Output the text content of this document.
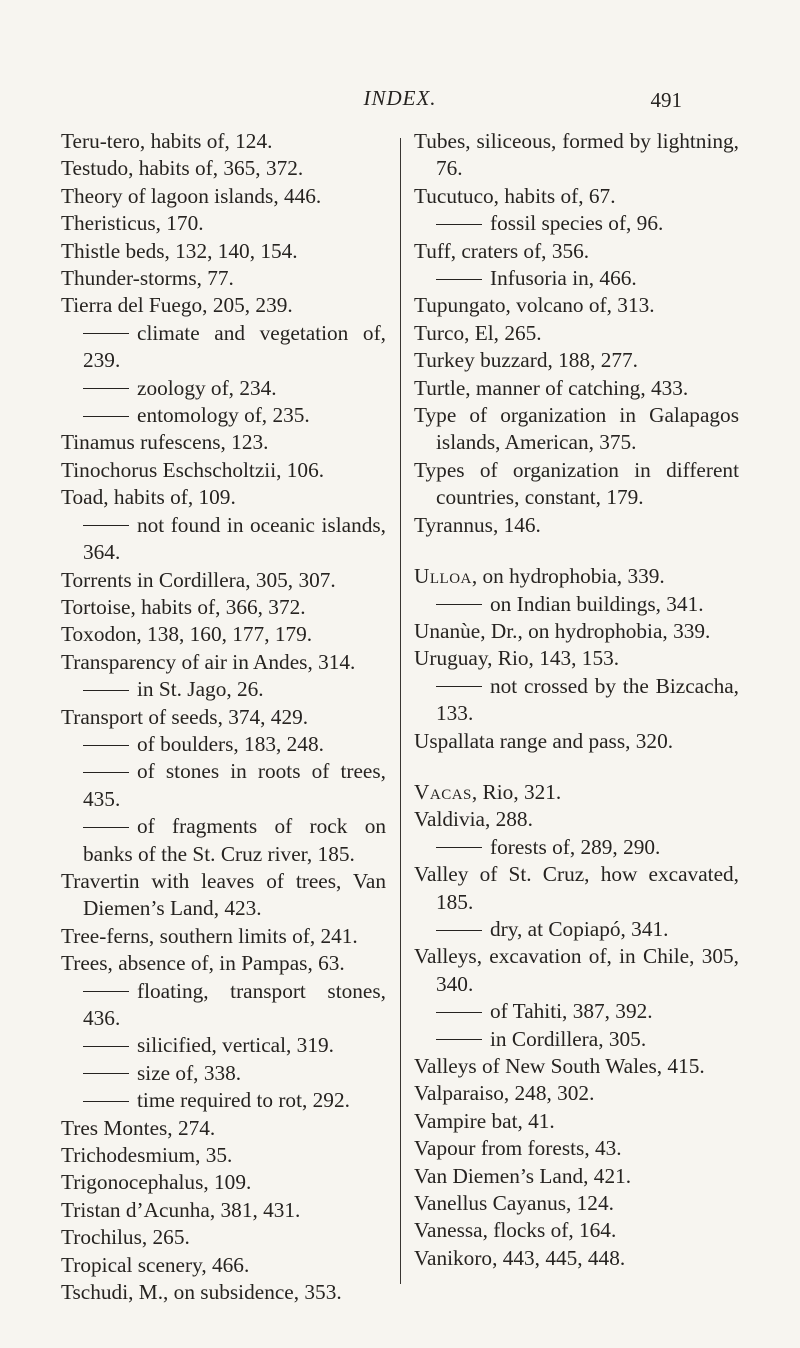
INDEX.	491
Teru-tero, habits of, 124.
Testudo, habits of, 365, 372.
Theory of lagoon islands, 446.
Theristicus, 170.
Thistle beds, 132, 140, 154.
Thunder-storms, 77.
Tierra del Fuego, 205, 239.
climate and vegetation of, 239.
zoology of, 234.
entomology of, 235.
Tinamus rufescens, 123.
Tinochorus Eschscholtzii, 106.
Toad, habits of, 109.
not found in oceanic islands, 364.
Torrents in Cordillera, 305, 307.
Tortoise, habits of, 366, 372.
Toxodon, 138, 160, 177, 179.
Transparency of air in Andes, 314.
in St. Jago, 26.
Transport of seeds, 374, 429.
of boulders, 183, 248.
of stones in roots of trees, 435.
of fragments of rock on banks of the St. Cruz river, 185.
Travertin with leaves of trees, Van Diemen’s Land, 423.
Tree-ferns, southern limits of, 241.
Trees, absence of, in Pampas, 63.
floating, transport stones, 436.
silicified, vertical, 319.
size of, 338.
time required to rot, 292.
Tres Montes, 274.
Trichodesmium, 35.
Trigonocephalus, 109.
Tristan d’Acunha, 381, 431.
Trochilus, 265.
Tropical scenery, 466.
Tschudi, M., on subsidence, 353.
Tubes, siliceous, formed by lightning, 76.
Tucutuco, habits of, 67.
fossil species of, 96.
Tuff, craters of, 356.
Infusoria in, 466.
Tupungato, volcano of, 313.
Turco, El, 265.
Turkey buzzard, 188, 277.
Turtle, manner of catching, 433.
Type of organization in Galapagos islands, American, 375.
Types of organization in different countries, constant, 179.
Tyrannus, 146.
Ulloa, on hydrophobia, 339.
on Indian buildings, 341.
Unanùe, Dr., on hydrophobia, 339.
Uruguay, Rio, 143, 153.
not crossed by the Bizcacha, 133.
Uspallata range and pass, 320.
Vacas, Rio, 321.
Valdivia, 288.
forests of, 289, 290.
Valley of St. Cruz, how excavated, 185.
dry, at Copiapó, 341.
Valleys, excavation of, in Chile, 305, 340.
of Tahiti, 387, 392.
in Cordillera, 305.
Valleys of New South Wales, 415.
Valparaiso, 248, 302.
Vampire bat, 41.
Vapour from forests, 43.
Van Diemen’s Land, 421.
Vanellus Cayanus, 124.
Vanessa, flocks of, 164.
Vanikoro, 443, 445, 448.
